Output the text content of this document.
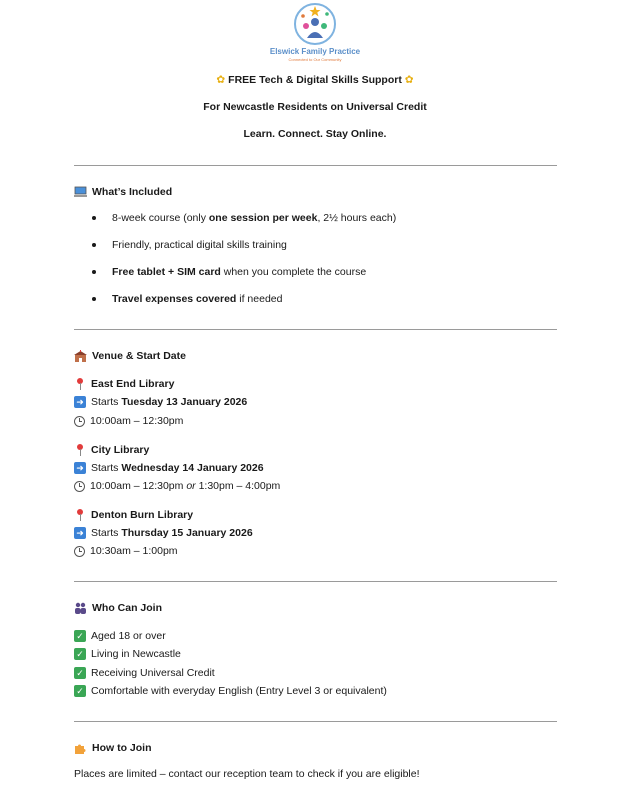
Elswick Family Practice
Connected to Our Community
✿ FREE Tech & Digital Skills Support ✿
For Newcastle Residents on Universal Credit
Learn. Connect. Stay Online.
What’s Included
8-week course (only one session per week, 2½ hours each)
Friendly, practical digital skills training
Free tablet + SIM card when you complete the course
Travel expenses covered if needed
Venue & Start Date
East End Library
➜ Starts Tuesday 13 January 2026
10:00am – 12:30pm
City Library
➜ Starts Wednesday 14 January 2026
10:00am – 12:30pm or 1:30pm – 4:00pm
Denton Burn Library
➜ Starts Thursday 15 January 2026
10:30am – 1:00pm
Who Can Join
✓ Aged 18 or over
✓ Living in Newcastle
✓ Receiving Universal Credit
✓ Comfortable with everyday English (Entry Level 3 or equivalent)
How to Join
Places are limited – contact our reception team to check if you are eligible!
